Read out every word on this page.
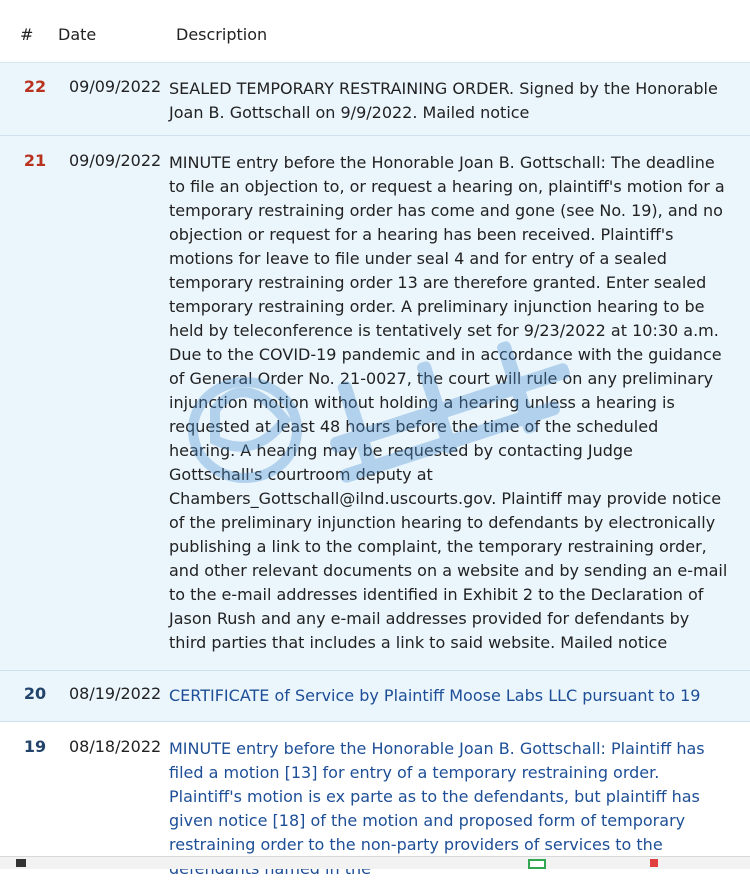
# Date	Description
22	09/09/2022 SEALED TEMPORARY RESTRAINING ORDER. Signed by the Honorable Joan B. Gottschall on 9/9/2022. Mailed notice
21	09/09/2022 MINUTE entry before the Honorable Joan B. Gottschall: The deadline to file an objection to, or request a hearing on, plaintiff's motion for a temporary restraining order has come and gone (see No. 19), and no objection or request for a hearing has been received. Plaintiff's motions for leave to file under seal 4 and for entry of a sealed temporary restraining order 13 are therefore granted. Enter sealed temporary restraining order. A preliminary injunction hearing to be held by teleconference is tentatively set for 9/23/2022 at 10:30 a.m. Due to the COVID-19 pandemic and in accordance with the guidance of General Order No. 21-0027, the court will rule on any preliminary injunction motion without holding a hearing unless a hearing is requested at least 48 hours before the time of the scheduled hearing. A hearing may be requested by contacting Judge Gottschall's courtroom deputy at Chambers_Gottschall@ilnd.uscourts.gov. Plaintiff may provide notice of the preliminary injunction hearing to defendants by electronically publishing a link to the complaint, the temporary restraining order, and other relevant documents on a website and by sending an e-mail to the e-mail addresses identified in Exhibit 2 to the Declaration of Jason Rush and any e-mail addresses provided for defendants by third parties that includes a link to said website. Mailed notice
20	08/19/2022 CERTIFICATE of Service by Plaintiff Moose Labs LLC pursuant to 19
19	08/18/2022 MINUTE entry before the Honorable Joan B. Gottschall: Plaintiff has filed a motion [13] for entry of a temporary restraining order. Plaintiff's motion is ex parte as to the defendants, but plaintiff has given notice [18] of the motion and proposed form of temporary restraining order to the non-party providers of services to the
